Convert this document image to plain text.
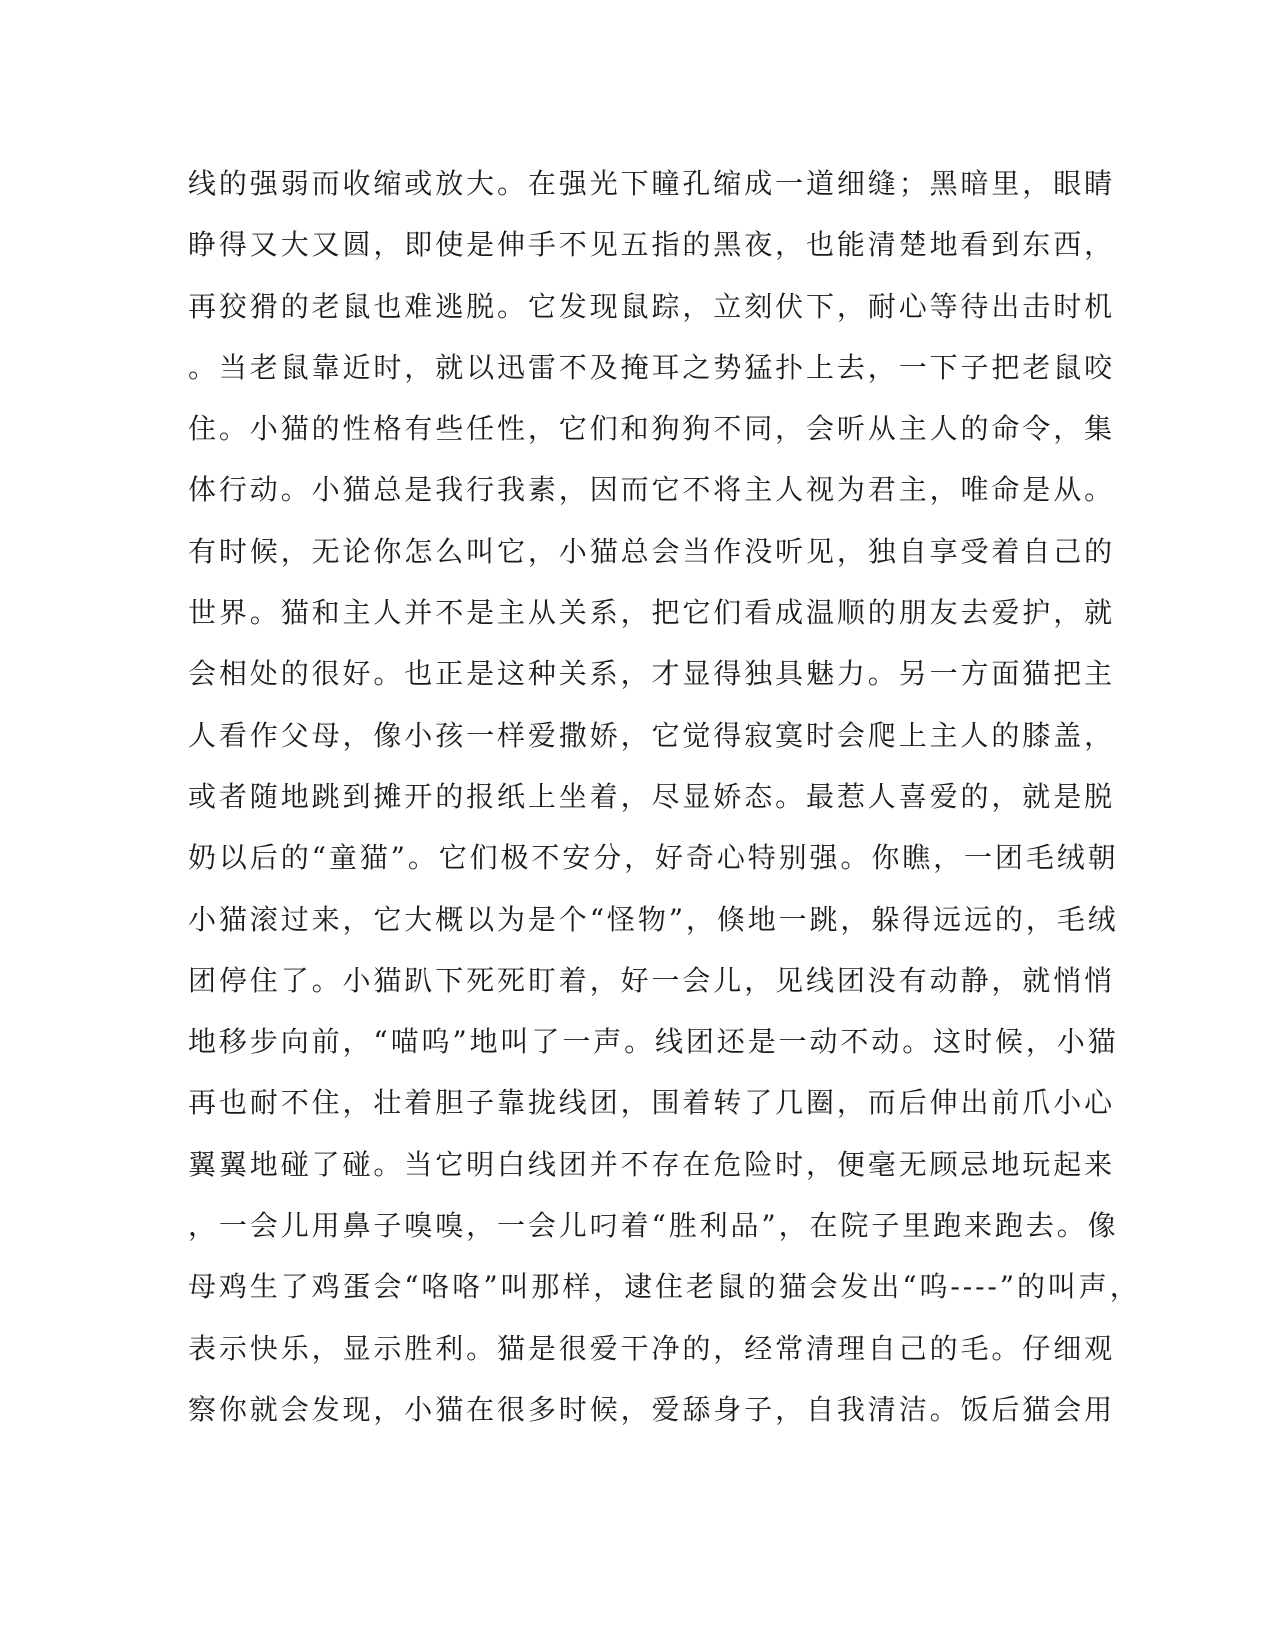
线的强弱而收缩或放大。在强光下瞳孔缩成一道细缝；黑暗里，眼睛
睁得又大又圆，即使是伸手不见五指的黑夜，也能清楚地看到东西，
再狡猾的老鼠也难逃脱。它发现鼠踪，立刻伏下，耐心等待出击时机
。当老鼠靠近时，就以迅雷不及掩耳之势猛扑上去，一下子把老鼠咬
住。小猫的性格有些任性，它们和狗狗不同，会听从主人的命令，集
体行动。小猫总是我行我素，因而它不将主人视为君主，唯命是从。
有时候，无论你怎么叫它，小猫总会当作没听见，独自享受着自己的
世界。猫和主人并不是主从关系，把它们看成温顺的朋友去爱护，就
会相处的很好。也正是这种关系，才显得独具魅力。另一方面猫把主
人看作父母，像小孩一样爱撒娇，它觉得寂寞时会爬上主人的膝盖，
或者随地跳到摊开的报纸上坐着，尽显娇态。最惹人喜爱的，就是脱
奶以后的“童猫”。它们极不安分，好奇心特别强。你瞧，一团毛绒朝
小猫滚过来，它大概以为是个“怪物”，倏地一跳，躲得远远的，毛绒
团停住了。小猫趴下死死盯着，好一会儿，见线团没有动静，就悄悄
地移步向前，“喵呜”地叫了一声。线团还是一动不动。这时候，小猫
再也耐不住，壮着胆子靠拢线团，围着转了几圈，而后伸出前爪小心
翼翼地碰了碰。当它明白线团并不存在危险时，便毫无顾忌地玩起来
，一会儿用鼻子嗅嗅，一会儿叼着“胜利品”，在院子里跑来跑去。像
母鸡生了鸡蛋会“咯咯”叫那样，逮住老鼠的猫会发出“呜----”的叫声，
表示快乐，显示胜利。猫是很爱干净的，经常清理自己的毛。仔细观
察你就会发现，小猫在很多时候，爱舔身子，自我清洁。饭后猫会用
